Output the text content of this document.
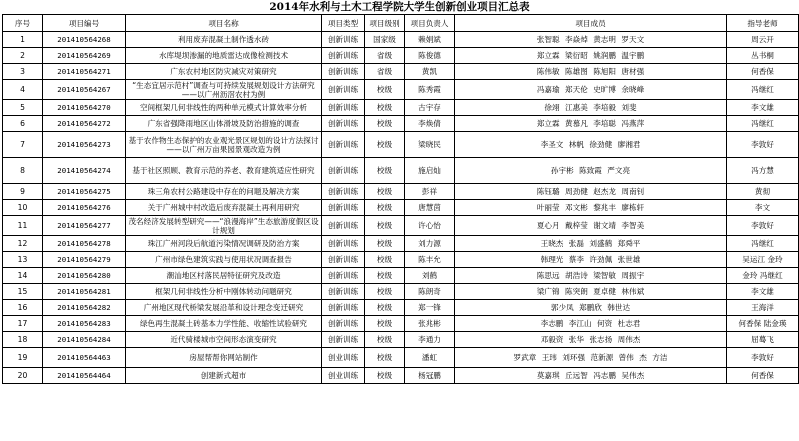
2014年水利与土木工程学院大学生创新创业项目汇总表
序号	项目编号	项目名称	项目类型	项目级别	项目负责人	项目成员	指导老师
1	201410564268	利用废弃混凝土制作透水砖	创新训练	国家级	赖娟斌	张智聪 李焱焯 黄志明 罗天文	周云开
2	201410564269	水库堤坝渗漏的地质雷达成像检测技术	创新训练	省级	陈俊德	郑立霖 梁衍昭 姚润鹏 温宇鹏	丛书桐
3	201410564271	广东农村地区防灾减灾对策研究	创新训练	省级	黄凯	陈伟敏 陈雄图 陈旭阳 唐材强	何香保
4	201410564267	“生态宜居示范村”调查与可持续发展规划设计方法研究——以广州沥滘农村为例	创新训练	校级	陈秀霞	冯嘉瑜 郑天伦 史旷博 余晓峰	冯继红
5	201410564270	空间框架几何非线性的两种单元模式计算效率分析	创新训练	校级	古宇存	徐翊 江惠美 李培毅 刘斐	李文雄
6	201410564272	广东省强降雨地区山体滑坡及防治措施的调查	创新训练	校级	李焕倩	郑立霖 黄慕凡 李培聪 冯燕萍	冯继红
7	201410564273	基于农作物生态保护的农业观光景区规划的设计方法探讨——以广州万亩果园景观改造为例	创新训练	校级	梁晓民	李圣文 林帆 徐劲健 廖湘君	李敦好
8	201410564274	基于社区照顾、教育示范的养老、教育建筑适应性研究	创新训练	校级	施启灿	孙宇彬 陈致霞 严文亮	冯方慧
9	201410564275	珠三角农村公路建设中存在的问题及解决方案	创新训练	校级	彭祥	陈钰璐 周劲健 赵杰龙 周南钊	黄彻
10	201410564276	关于广州城中村改造后废弃混凝土再利用研究	创新训练	校级	唐慧茵	叶丽莹 邓文彬 黎兆丰 廖栋轩	李文
11	201410564277	茂名经济发展转型研究——“浪漫海岸”生态旅游度假区设计规划	创新训练	校级	许心怡	夏心月 戴梓莹 谢文靖 李智美	李敦好
12	201410564278	珠江广州河段后航道污染情况调研及防治方案	创新训练	校级	刘力源	王晓杰 张磊 刘盛鹤 郑舜平	冯继红
13	201410564279	广州市绿色建筑实践与使用状况调查报告	创新训练	校级	陈丰允	韩理光 蔡李 许劲佩 张世雄	吴运江 金玲
14	201410564280	潮汕地区村落民居特征研究及改造	创新训练	校级	刘鹤	陈思远 胡浩诗 梁智敏 周振宇	金玲 冯继红
15	201410564281	框架几何非线性分析中刚体转动问题研究	创新训练	校级	陈朗奇	梁广锦 陈突朗 夏卓健 林伟斌	李文雄
16	201410564282	广州地区现代桥梁发展沿革和设计理念变迁研究	创新训练	校级	郑一锋	郭少凤 郑鹏欣 韩世达	王海洋
17	201410564283	绿色再生混凝土砖基本力学性能、收缩性试验研究	创新训练	校级	张兆彬	李志鹏 李江山 何资 杜志君	何香保 陆金瑛
18	201410564284	近代骑楼城市空间形态演变研究	创新训练	校级	李通力	邓毅资 张华 张志扬 周伟杰	屈蓦飞
19	201410564463	房屋帮帮你网站制作	创业训练	校级	潘虹	罗武章 王玮 刘环强 范新源 曾伟 杰 方洁	李敦好
20	201410564464	创建新式超市	创业训练	校级	杨冠鹏	莫嘉琪 丘远智 冯志鹏 吴伟杰	何香保
